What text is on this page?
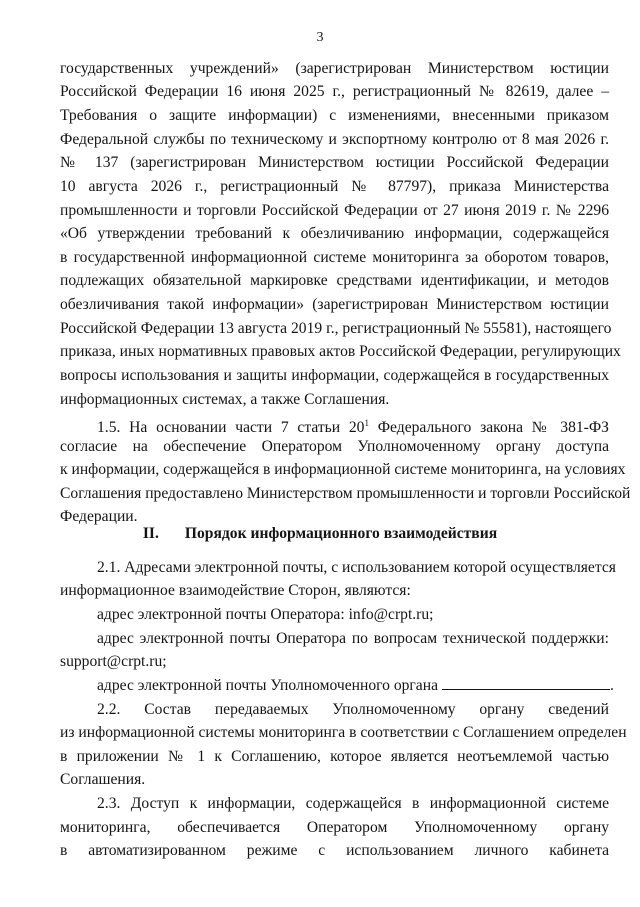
3
государственных учреждений» (зарегистрирован Министерством юстиции
Российской Федерации 16 июня 2025 г., регистрационный № 82619, далее –
Требования о защите информации) с изменениями, внесенными приказом
Федеральной службы по техническому и экспортному контролю от 8 мая 2026 г.
№ 137 (зарегистрирован Министерством юстиции Российской Федерации
10 августа 2026 г., регистрационный № 87797), приказа Министерства
промышленности и торговли Российской Федерации от 27 июня 2019 г. № 2296
«Об утверждении требований к обезличиванию информации, содержащейся
в государственной информационной системе мониторинга за оборотом товаров,
подлежащих обязательной маркировке средствами идентификации, и методов
обезличивания такой информации» (зарегистрирован Министерством юстиции
Российской Федерации 13 августа 2019 г., регистрационный № 55581), настоящего
приказа, иных нормативных правовых актов Российской Федерации, регулирующих
вопросы использования и защиты информации, содержащейся в государственных
информационных системах, а также Соглашения.
1.5. На основании части 7 статьи $20^1$ Федерального закона № 381-ФЗ
согласие на обеспечение Оператором Уполномоченному органу доступа
к информации, содержащейся в информационной системе мониторинга, на условиях
Соглашения предоставлено Министерством промышленности и торговли Российской
Федерации.
II. Порядок информационного взаимодействия
2.1. Адресами электронной почты, с использованием которой осуществляется
информационное взаимодействие Сторон, являются:
адрес электронной почты Оператора: info@crpt.ru;
адрес электронной почты Оператора по вопросам технической поддержки:
support@crpt.ru;
адрес электронной почты Уполномоченного органа	.
2.2. Состав передаваемых Уполномоченному органу сведений
из информационной системы мониторинга в соответствии с Соглашением определен
в приложении № 1 к Соглашению, которое является неотъемлемой частью
Соглашения.
2.3. Доступ к информации, содержащейся в информационной системе
мониторинга, обеспечивается Оператором Уполномоченному органу
в автоматизированном режиме с использованием личного кабинета
